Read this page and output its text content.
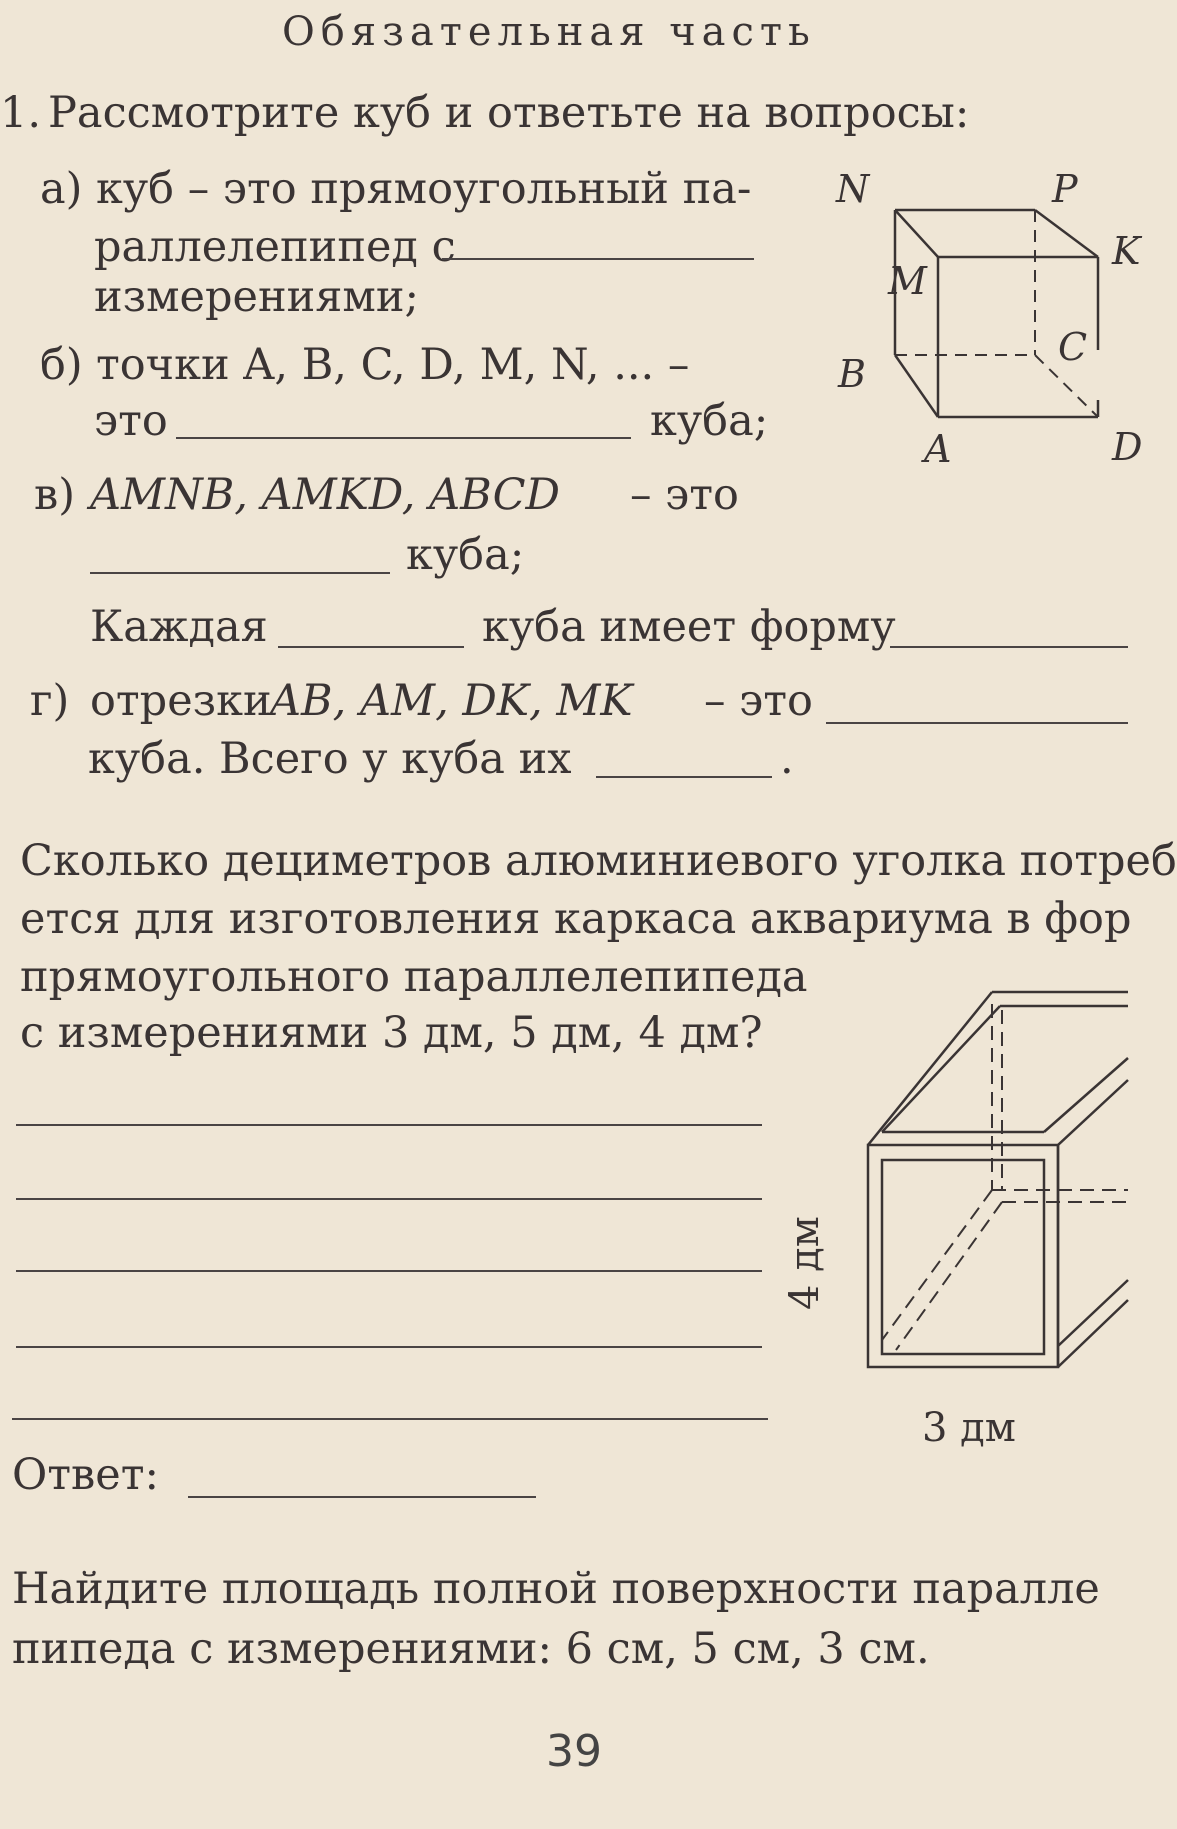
Обязательная часть
1. Рассмотрите куб и ответьте на вопросы:
а) куб – это прямоугольный па-
раллелепипед с
измерениями;
б) точки A, B, C, D, M, N, ... –
это	куба;
в) AMNB, AMKD, ABCD – это
куба;
Каждая	куба имеет форму
г) отрезки
AB, AM, DK, MK – это
куба. Всего у куба их	.
N	P
K
M
C
B
A	D
Сколько дециметров алюминиевого уголка потреб
ется для изготовления каркаса аквариума в фор
прямоугольного параллелепипеда
с измерениями 3 дм, 5 дм, 4 дм?
Ответ:
4 дм
3 дм
Найдите площадь полной поверхности паралле
пипеда с измерениями: 6 см, 5 см, 3 см.
39
